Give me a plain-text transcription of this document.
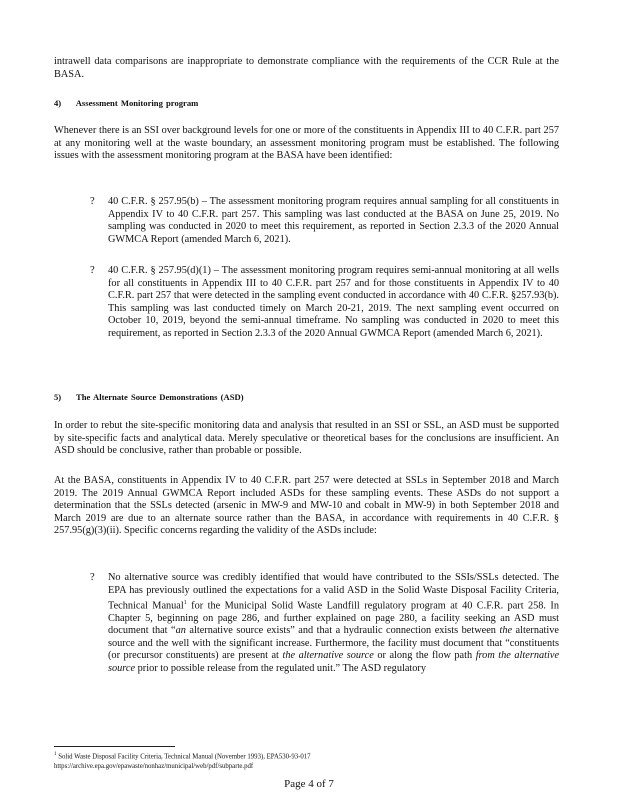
intrawell data comparisons are inappropriate to demonstrate compliance with the requirements of the CCR Rule at the BASA.

4) Assessment Monitoring program

Whenever there is an SSI over background levels for one or more of the constituents in Appendix III to 40 C.F.R. part 257 at any monitoring well at the waste boundary, an assessment monitoring program must be established. The following issues with the assessment monitoring program at the BASA have been identified:

? 40 C.F.R. § 257.95(b) – The assessment monitoring program requires annual sampling for all constituents in Appendix IV to 40 C.F.R. part 257. This sampling was last conducted at the BASA on June 25, 2019. No sampling was conducted in 2020 to meet this requirement, as reported in Section 2.3.3 of the 2020 Annual GWMCA Report (amended March 6, 2021).

? 40 C.F.R. § 257.95(d)(1) – The assessment monitoring program requires semi-annual monitoring at all wells for all constituents in Appendix III to 40 C.F.R. part 257 and for those constituents in Appendix IV to 40 C.F.R. part 257 that were detected in the sampling event conducted in accordance with 40 C.F.R. §257.93(b). This sampling was last conducted timely on March 20-21, 2019. The next sampling event occurred on October 10, 2019, beyond the semi-annual timeframe. No sampling was conducted in 2020 to meet this requirement, as reported in Section 2.3.3 of the 2020 Annual GWMCA Report (amended March 6, 2021).

5) The Alternate Source Demonstrations (ASD)

In order to rebut the site-specific monitoring data and analysis that resulted in an SSI or SSL, an ASD must be supported by site-specific facts and analytical data. Merely speculative or theoretical bases for the conclusions are insufficient. An ASD should be conclusive, rather than probable or possible.

At the BASA, constituents in Appendix IV to 40 C.F.R. part 257 were detected at SSLs in September 2018 and March 2019. The 2019 Annual GWMCA Report included ASDs for these sampling events. These ASDs do not support a determination that the SSLs detected (arsenic in MW-9 and MW-10 and cobalt in MW-9) in both September 2018 and March 2019 are due to an alternate source rather than the BASA, in accordance with requirements in 40 C.F.R. § 257.95(g)(3)(ii). Specific concerns regarding the validity of the ASDs include:

? No alternative source was credibly identified that would have contributed to the SSIs/SSLs detected. The EPA has previously outlined the expectations for a valid ASD in the Solid Waste Disposal Facility Criteria, Technical Manual$^1$ for the Municipal Solid Waste Landfill regulatory program at 40 C.F.R. part 258. In Chapter 5, beginning on page 286, and further explained on page 280, a facility seeking an ASD must document that “an alternative source exists” and that a hydraulic connection exists between the alternative source and the well with the significant increase. Furthermore, the facility must document that “constituents (or precursor constituents) are present at the alternative source or along the flow path from the alternative source prior to possible release from the regulated unit.” The ASD regulatory

$^1$ Solid Waste Disposal Facility Criteria, Technical Manual (November 1993), EPA530-93-017
https://archive.epa.gov/epawaste/nonhaz/municipal/web/pdf/subparte.pdf
Page 4 of 7
